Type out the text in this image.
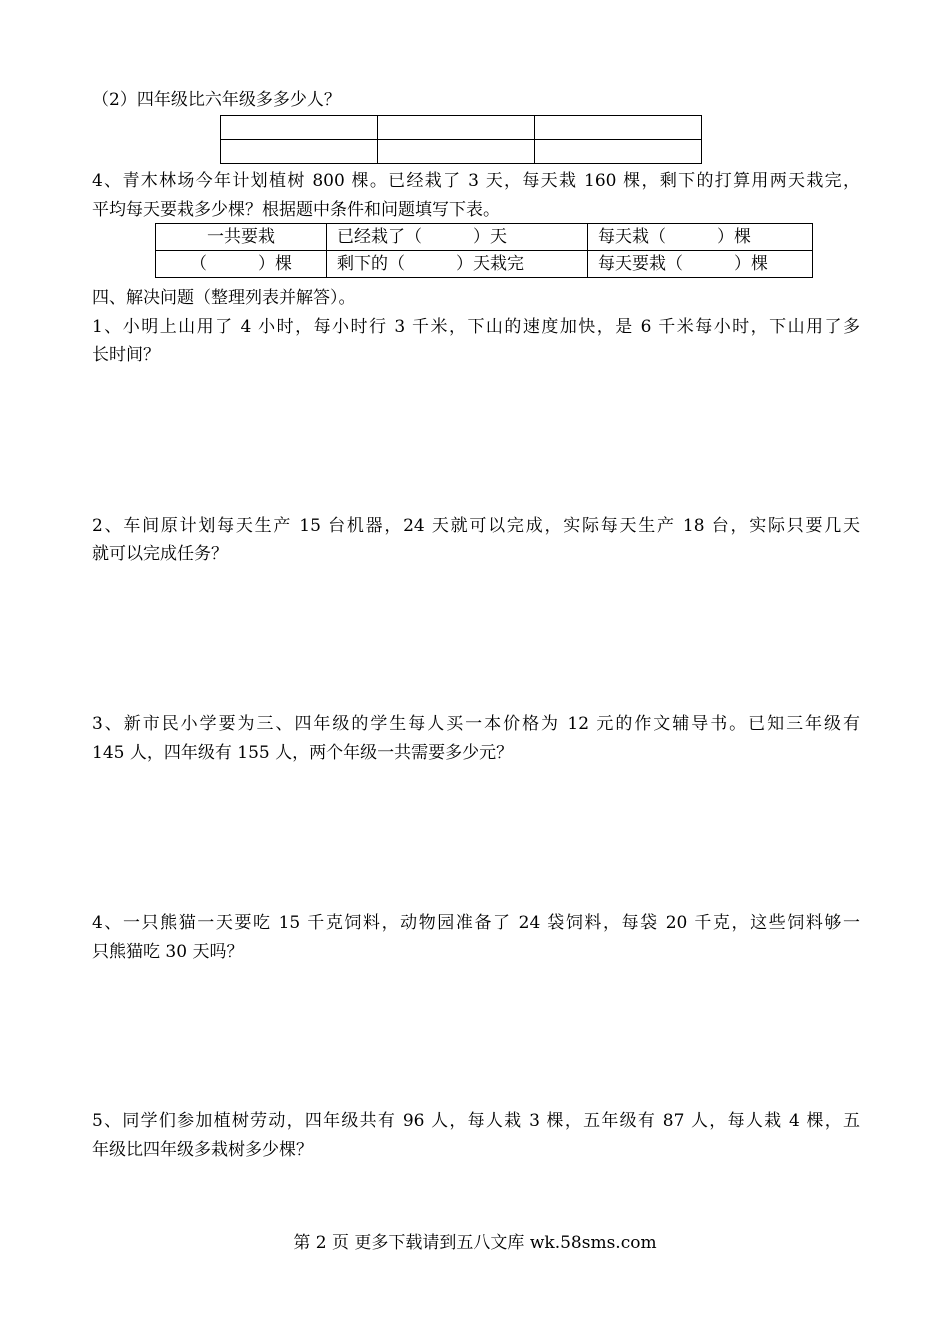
（2）四年级比六年级多多少人？

4、青木林场今年计划植树 800 棵。已经栽了 3 天，每天栽 160 棵，剩下的打算用两天栽完，
平均每天要栽多少棵？根据题中条件和问题填写下表。
一共要栽	已经栽了（　　　）天	每天栽（　　　）棵
（　　　）棵	剩下的（　　　）天栽完	每天要栽（　　　）棵
四、解决问题（整理列表并解答）。
1、小明上山用了 4 小时，每小时行 3 千米，下山的速度加快，是 6 千米每小时，下山用了多
长时间？
2、车间原计划每天生产 15 台机器，24 天就可以完成，实际每天生产 18 台，实际只要几天
就可以完成任务？
3、新市民小学要为三、四年级的学生每人买一本价格为 12 元的作文辅导书。已知三年级有
145 人，四年级有 155 人，两个年级一共需要多少元？
4、一只熊猫一天要吃 15 千克饲料，动物园准备了 24 袋饲料，每袋 20 千克，这些饲料够一
只熊猫吃 30 天吗？
5、同学们参加植树劳动，四年级共有 96 人，每人栽 3 棵，五年级有 87 人，每人栽 4 棵，五
年级比四年级多栽树多少棵？
第 2 页 更多下载请到五八文库 wk.58sms.com
